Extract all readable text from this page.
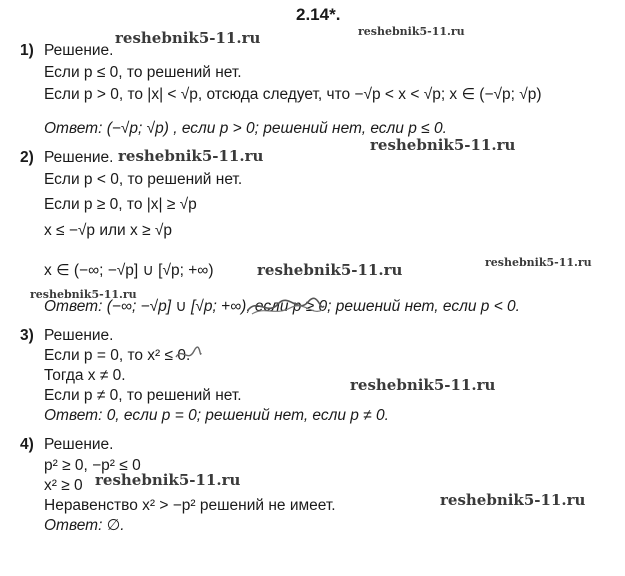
2.14*.
1) Решение.
Если p ≤ 0, то решений нет.
Если p > 0, то |x| < √p, отсюда следует, что −√p < x < √p; x ∈ (−√p; √p)
Ответ: (−√p; √p) , если p > 0; решений нет, если p ≤ 0.
2) Решение.
Если p < 0, то решений нет.
Если p ≥ 0, то |x| ≥ √p
x ≤ −√p или x ≥ √p
x ∈ (−∞; −√p] ∪ [√p; +∞)
Ответ: (−∞; −√p] ∪ [√p; +∞), если p ≥ 0; решений нет, если p < 0.
3) Решение.
Если p = 0, то x² ≤ 0.
Тогда x ≠ 0.
Если p ≠ 0, то решений нет.
Ответ: 0, если p = 0; решений нет, если p ≠ 0.
4) Решение.
p² ≥ 0, −p² ≤ 0
x² ≥ 0
Неравенство x² > −p² решений не имеет.
Ответ: ∅.
reshebnik5-11.ru	reshebnik5-11.ru
reshebnik5-11.ru
reshebnik5-11.ru
reshebnik5-11.ru	reshebnik5-11.ru
reshebnik5-11.ru
reshebnik5-11.ru
reshebnik5-11.ru
reshebnik5-11.ru
